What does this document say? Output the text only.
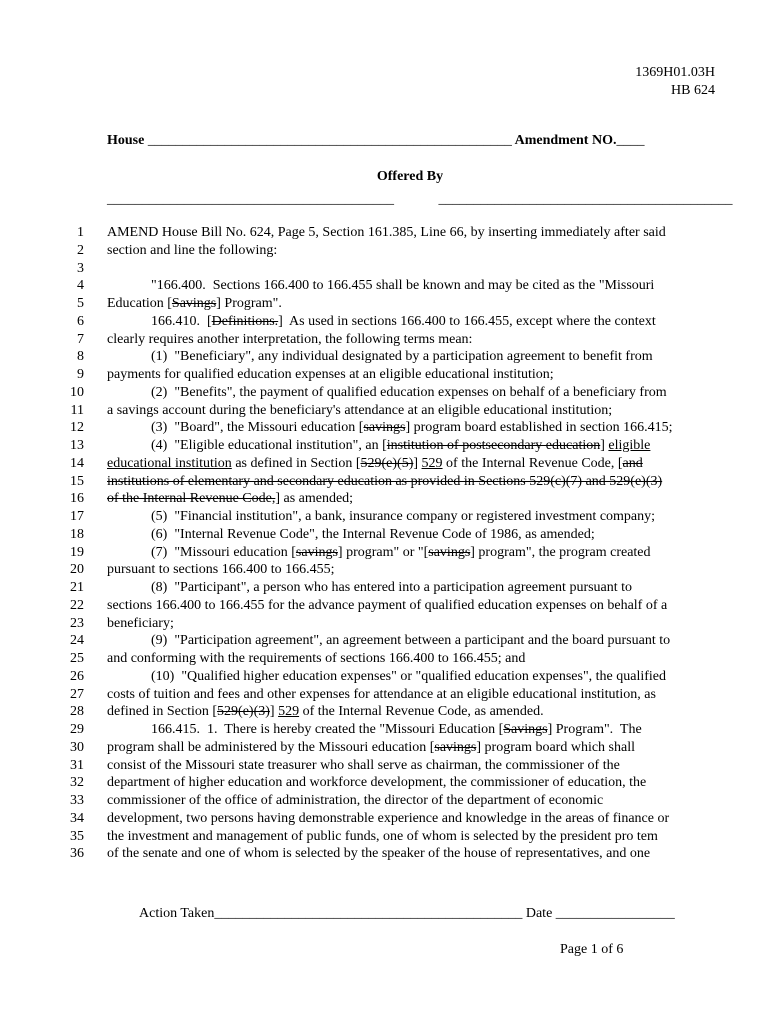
1369H01.03H
HB 624
House ____________________________________________________ Amendment NO.____
Offered By
_________________________________________	__________________________________________
1 AMEND House Bill No. 624, Page 5, Section 161.385, Line 66, by inserting immediately after said
2 section and line the following:
3
4	"166.400.  Sections 166.400 to 166.455 shall be known and may be cited as the "Missouri
5 Education [Savings] Program".
6	166.410.  [Definitions.]  As used in sections 166.400 to 166.455, except where the context
7 clearly requires another interpretation, the following terms mean:
8	(1)  "Beneficiary", any individual designated by a participation agreement to benefit from
9 payments for qualified education expenses at an eligible educational institution;
10	(2)  "Benefits", the payment of qualified education expenses on behalf of a beneficiary from
11 a savings account during the beneficiary's attendance at an eligible educational institution;
12	(3)  "Board", the Missouri education [savings] program board established in section 166.415;
13	(4)  "Eligible educational institution", an [institution of postsecondary education] eligible
14 educational institution as defined in Section [529(e)(5)] 529 of the Internal Revenue Code, [and
15 institutions of elementary and secondary education as provided in Sections 529(c)(7) and 529(e)(3)
16 of the Internal Revenue Code,] as amended;
17	(5)  "Financial institution", a bank, insurance company or registered investment company;
18	(6)  "Internal Revenue Code", the Internal Revenue Code of 1986, as amended;
19	(7)  "Missouri education [savings] program" or "[savings] program", the program created
20 pursuant to sections 166.400 to 166.455;
21	(8)  "Participant", a person who has entered into a participation agreement pursuant to
22 sections 166.400 to 166.455 for the advance payment of qualified education expenses on behalf of a
23 beneficiary;
24	(9)  "Participation agreement", an agreement between a participant and the board pursuant to
25 and conforming with the requirements of sections 166.400 to 166.455; and
26	(10)  "Qualified higher education expenses" or "qualified education expenses", the qualified
27 costs of tuition and fees and other expenses for attendance at an eligible educational institution, as
28 defined in Section [529(e)(3)] 529 of the Internal Revenue Code, as amended.
29	166.415.  1.  There is hereby created the "Missouri Education [Savings] Program".  The
30 program shall be administered by the Missouri education [savings] program board which shall
31 consist of the Missouri state treasurer who shall serve as chairman, the commissioner of the
32 department of higher education and workforce development, the commissioner of education, the
33 commissioner of the office of administration, the director of the department of economic
34 development, two persons having demonstrable experience and knowledge in the areas of finance or
35 the investment and management of public funds, one of whom is selected by the president pro tem
36 of the senate and one of whom is selected by the speaker of the house of representatives, and one
Action Taken____________________________________________ Date _________________
Page 1 of 6
